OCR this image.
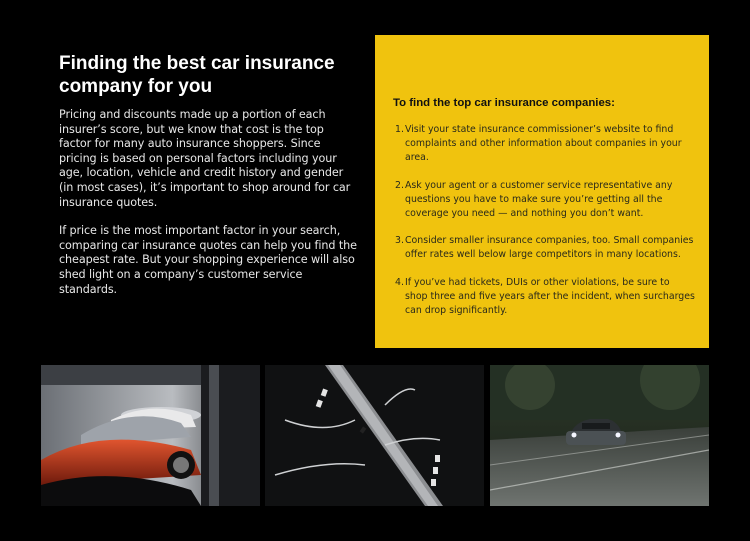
Finding the best car insurance company for you

Pricing and discounts made up a portion of each insurer’s score, but we know that cost is the top factor for many auto insurance shoppers. Since pricing is based on personal factors including your age, location, vehicle and credit history and gender (in most cases), it’s important to shop around for car insurance quotes.

If price is the most important factor in your search, comparing car insurance quotes can help you find the cheapest rate. But your shopping experience will also shed light on a company’s customer service standards.

To find the top car insurance companies:
1. Visit your state insurance commissioner’s website to find complaints and other information about companies in your area.
2. Ask your agent or a customer service representative any questions you have to make sure you’re getting all the coverage you need — and nothing you don’t want.
3. Consider smaller insurance companies, too. Small companies offer rates well below large competitors in many locations.
4. If you’ve had tickets, DUIs or other violations, be sure to shop three and five years after the incident, when surcharges can drop significantly.
